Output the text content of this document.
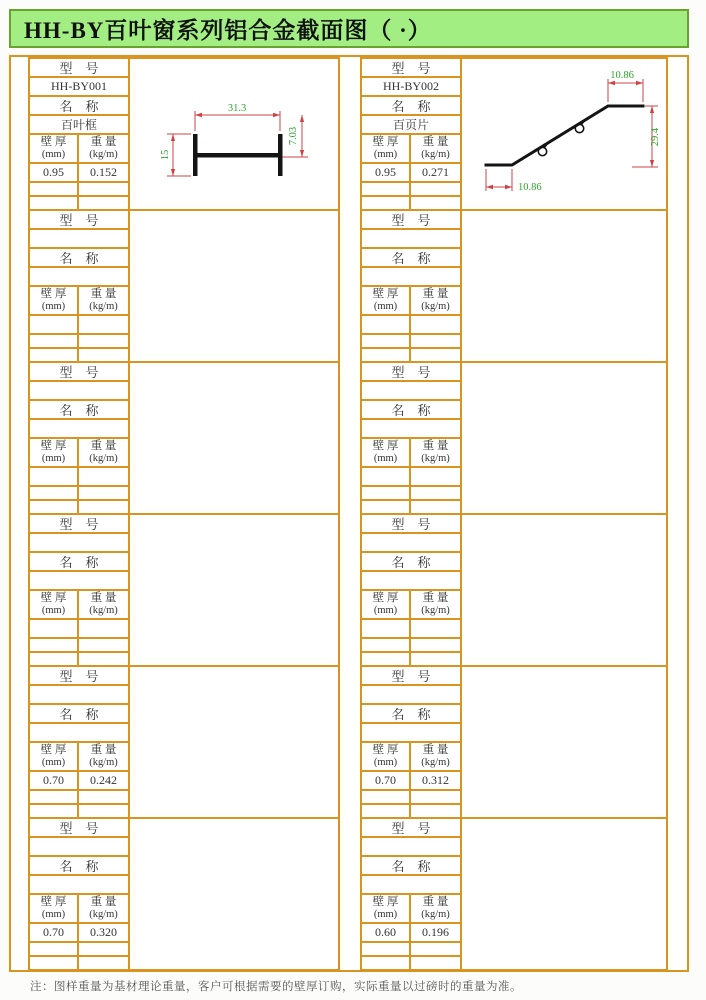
HH-BY百叶窗系列铝合金截面图（ ·）
型    号
HH-BY001
名    称
百叶框
壁 厚
(mm)
重 量
(kg/m)
0.95	0.152
31.3
7.03
15
型    号
HH-BY002
名    称
百页片
壁 厚
(mm)
重 量
(kg/m)
0.95	0.271
10.86
29.4
10.86
型    号
名    称
壁 厚
(mm)
重 量
(kg/m)
型    号
名    称
壁 厚
(mm)
重 量
(kg/m)
型    号
名    称
壁 厚
(mm)
重 量
(kg/m)
型    号
名    称
壁 厚
(mm)
重 量
(kg/m)
型    号
名    称
壁 厚
(mm)
重 量
(kg/m)
型    号
名    称
壁 厚
(mm)
重 量
(kg/m)
型    号
名    称
壁 厚
(mm)
重 量
(kg/m)
0.70	0.242
型    号
名    称
壁 厚
(mm)
重 量
(kg/m)
0.70	0.312
型    号
名    称
壁 厚
(mm)
重 量
(kg/m)
0.70	0.320
型    号
名    称
壁 厚
(mm)
重 量
(kg/m)
0.60	0.196
注：图样重量为基材理论重量，客户可根据需要的壁厚订购，实际重量以过磅时的重量为准。
